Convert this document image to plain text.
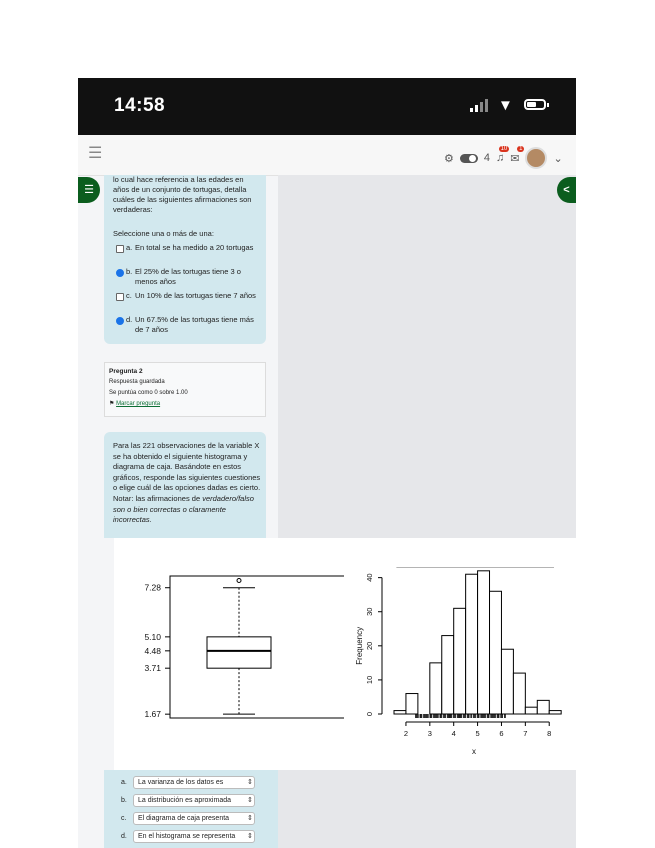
14:58	▼
☰	⚙	4 ♫
10
✉
1
⌄
☰	<
lo cual hace referencia a las edades en años de un conjunto de tortugas, detalla cuáles de las siguientes afirmaciones son verdaderas:
Seleccione una o más de una:
a. En total se ha medido a 20 tortugas
b. El 25% de las tortugas tiene 3 o menos años
c. Un 10% de las tortugas tiene 7 años
d. Un 67.5% de las tortugas tiene más de 7 años
Pregunta 2
Respuesta guardada
Se puntúa como 0 sobre 1.00
⚑ Marcar pregunta
Para las 221 observaciones de la variable X se ha obtenido el siguiente histograma y diagrama de caja. Basándote en estos gráficos, responde las siguientes cuestiones o elige cuál de las opciones dadas es cierto. Notar: las afirmaciones de verdadero/falso son o bien correctas o claramente incorrectas.
1.67
3.71
4.48
5.10
7.28
2	3	4	5	6	7	8
0
10
20
30
40
x
Frequency
a.	La varianza de los datos es	⇕
b.	La distribución es aproximada	⇕
c.	El diagrama de caja presenta	⇕
d.	En el histograma se representa	⇕
